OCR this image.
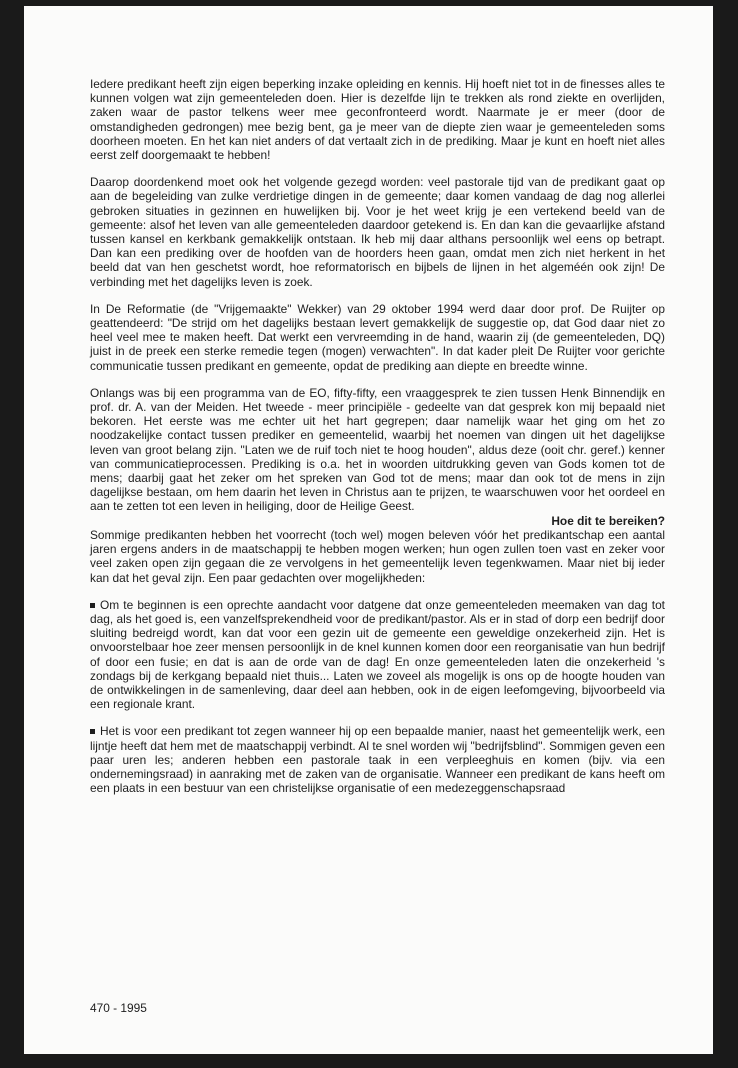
Iedere predikant heeft zijn eigen beperking inzake opleiding en kennis. Hij hoeft niet tot in de finesses alles te kunnen volgen wat zijn gemeenteleden doen. Hier is dezelfde lijn te trekken als rond ziekte en overlijden, zaken waar de pastor telkens weer mee geconfronteerd wordt. Naarmate je er meer (door de omstandigheden gedrongen) mee bezig bent, ga je meer van de diepte zien waar je gemeenteleden soms doorheen moeten. En het kan niet anders of dat vertaalt zich in de prediking. Maar je kunt en hoeft niet alles eerst zelf doorgemaakt te hebben!

Daarop doordenkend moet ook het volgende gezegd worden: veel pastorale tijd van de predikant gaat op aan de begeleiding van zulke verdrietige dingen in de gemeente; daar komen vandaag de dag nog allerlei gebroken situaties in gezinnen en huwelijken bij. Voor je het weet krijg je een vertekend beeld van de gemeente: alsof het leven van alle gemeenteleden daardoor getekend is. En dan kan die gevaarlijke afstand tussen kansel en kerkbank gemakkelijk ontstaan. Ik heb mij daar althans persoonlijk wel eens op betrapt. Dan kan een prediking over de hoofden van de hoorders heen gaan, omdat men zich niet herkent in het beeld dat van hen geschetst wordt, hoe reformatorisch en bijbels de lijnen in het algeméén ook zijn! De verbinding met het dagelijks leven is zoek.

In De Reformatie (de "Vrijgemaakte" Wekker) van 29 oktober 1994 werd daar door prof. De Ruijter op geattendeerd: "De strijd om het dagelijks bestaan levert gemakkelijk de suggestie op, dat God daar niet zo heel veel mee te maken heeft. Dat werkt een vervreemding in de hand, waarin zij (de gemeenteleden, DQ) juist in de preek een sterke remedie tegen (mogen) verwachten". In dat kader pleit De Ruijter voor gerichte communicatie tussen predikant en gemeente, opdat de prediking aan diepte en breedte winne.

Onlangs was bij een programma van de EO, fifty-fifty, een vraaggesprek te zien tussen Henk Binnendijk en prof. dr. A. van der Meiden. Het tweede - meer principiële - gedeelte van dat gesprek kon mij bepaald niet bekoren. Het eerste was me echter uit het hart gegrepen; daar namelijk waar het ging om het zo noodzakelijke contact tussen prediker en gemeentelid, waarbij het noemen van dingen uit het dagelijkse leven van groot belang zijn. "Laten we de ruif toch niet te hoog houden", aldus deze (ooit chr. geref.) kenner van communicatieprocessen. Prediking is o.a. het in woorden uitdrukking geven van Gods komen tot de mens; daarbij gaat het zeker om het spreken van God tot de mens; maar dan ook tot de mens in zijn dagelijkse bestaan, om hem daarin het leven in Christus aan te prijzen, te waarschuwen voor het oordeel en aan te zetten tot een leven in heiliging, door de Heilige Geest.

Hoe dit te bereiken?

Sommige predikanten hebben het voorrecht (toch wel) mogen beleven vóór het predikantschap een aantal jaren ergens anders in de maatschappij te hebben mogen werken; hun ogen zullen toen vast en zeker voor veel zaken open zijn gegaan die ze vervolgens in het gemeentelijk leven tegenkwamen. Maar niet bij ieder kan dat het geval zijn. Een paar gedachten over mogelijkheden:

Om te beginnen is een oprechte aandacht voor datgene dat onze gemeenteleden meemaken van dag tot dag, als het goed is, een vanzelfsprekendheid voor de predikant/pastor. Als er in stad of dorp een bedrijf door sluiting bedreigd wordt, kan dat voor een gezin uit de gemeente een geweldige onzekerheid zijn. Het is onvoorstelbaar hoe zeer mensen persoonlijk in de knel kunnen komen door een reorganisatie van hun bedrijf of door een fusie; en dat is aan de orde van de dag! En onze gemeenteleden laten die onzekerheid 's zondags bij de kerkgang bepaald niet thuis... Laten we zoveel als mogelijk is ons op de hoogte houden van de ontwikkelingen in de samenleving, daar deel aan hebben, ook in de eigen leefomgeving, bijvoorbeeld via een regionale krant.

Het is voor een predikant tot zegen wanneer hij op een bepaalde manier, naast het gemeentelijk werk, een lijntje heeft dat hem met de maatschappij verbindt. Al te snel worden wij "bedrijfsblind". Sommigen geven een paar uren les; anderen hebben een pastorale taak in een verpleeghuis en komen (bijv. via een ondernemingsraad) in aanraking met de zaken van de organisatie. Wanneer een predikant de kans heeft om een plaats in een bestuur van een christelijkse organisatie of een medezeggenschapsraad

470 - 1995
